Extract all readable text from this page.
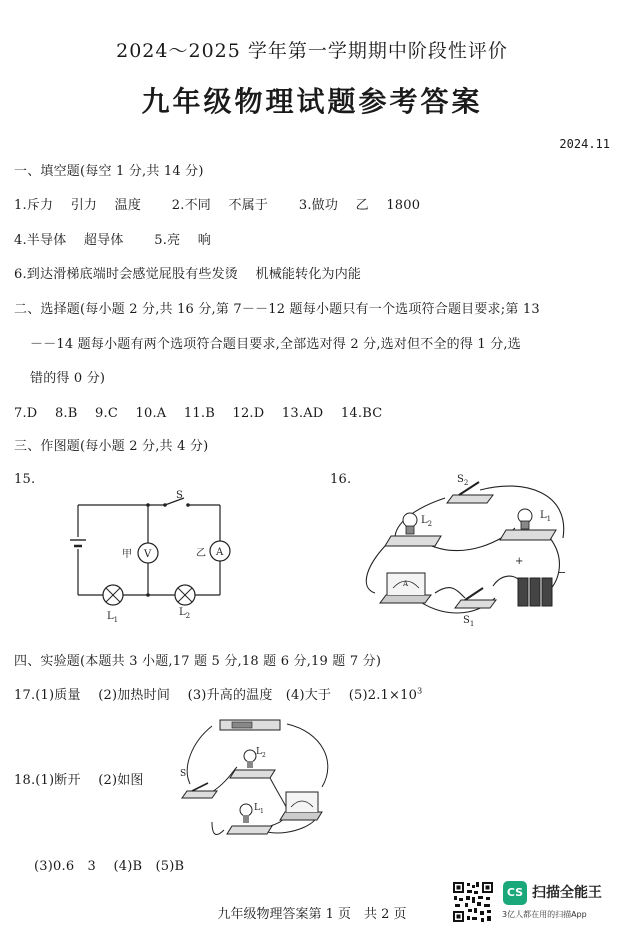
2024～2025 学年第一学期期中阶段性评价
九年级物理试题参考答案
2024.11
一、填空题(每空 1 分,共 14 分)
1.斥力　 引力　 温度　　 2.不同　 不属于　　 3.做功　 乙　 1800
4.半导体　 超导体　　 5.亮　 响
6.到达滑梯底端时会感觉屁股有些发烫　 机械能转化为内能
二、选择题(每小题 2 分,共 16 分,第 7－－12 题每小题只有一个选项符合题目要求;第 13
－－14 题每小题有两个选项符合题目要求,全部选对得 2 分,选对但不全的得 1 分,选
错的得 0 分)
7.D　 8.B　 9.C　 10.A　 11.B　 12.D　 13.AD　 14.BC
三、作图题(每小题 2 分,共 4 分)
15.	16.
S
甲 V	乙 A
$L_1$
$L_2$
$S_2$
$L_2$
$L_1$
$S_1$
+
−
A
四、实验题(本题共 3 小题,17 题 5 分,18 题 6 分,19 题 7 分)
17.(1)质量　 (2)加热时间　 (3)升高的温度　(4)大于　 $(5)2.1\times 10^3$
18.(1)断开　 (2)如图	S
$L_2$
$L_1$
(3)0.6　3　 (4)B　(5)B
CS 扫描全能王
3亿人都在用的扫描App
九年级物理答案第 1 页　共 2 页
